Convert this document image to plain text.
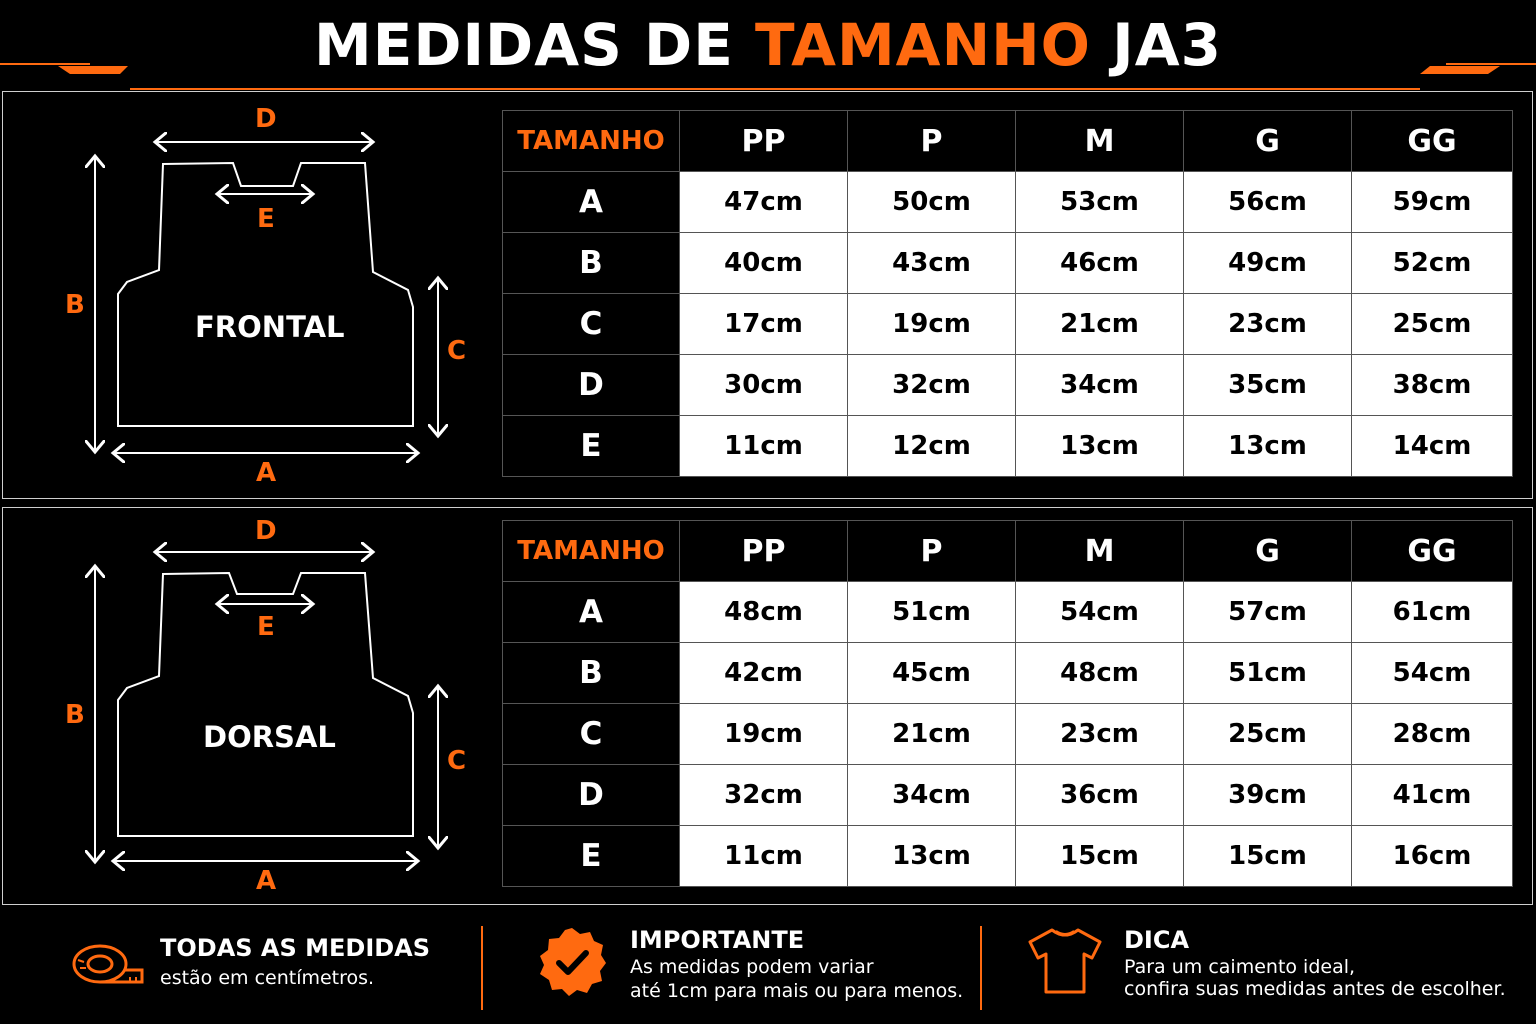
MEDIDAS DE TAMANHO JA3
FRONTAL
D
E
B
C
A
TAMANHO	PP	P	M	G	GG
A	47cm	50cm	53cm	56cm	59cm
B	40cm	43cm	46cm	49cm	52cm
C	17cm	19cm	21cm	23cm	25cm
D	30cm	32cm	34cm	35cm	38cm
E	11cm	12cm	13cm	13cm	14cm
DORSAL
D
E
B
C
A
TAMANHO	PP	P	M	G	GG
A	48cm	51cm	54cm	57cm	61cm
B	42cm	45cm	48cm	51cm	54cm
C	19cm	21cm	23cm	25cm	28cm
D	32cm	34cm	36cm	39cm	41cm
E	11cm	13cm	15cm	15cm	16cm
TODAS AS MEDIDAS
estão em centímetros.
IMPORTANTE
As medidas podem variar
até 1cm para mais ou para menos.
DICA
Para um caimento ideal,
confira suas medidas antes de escolher.
